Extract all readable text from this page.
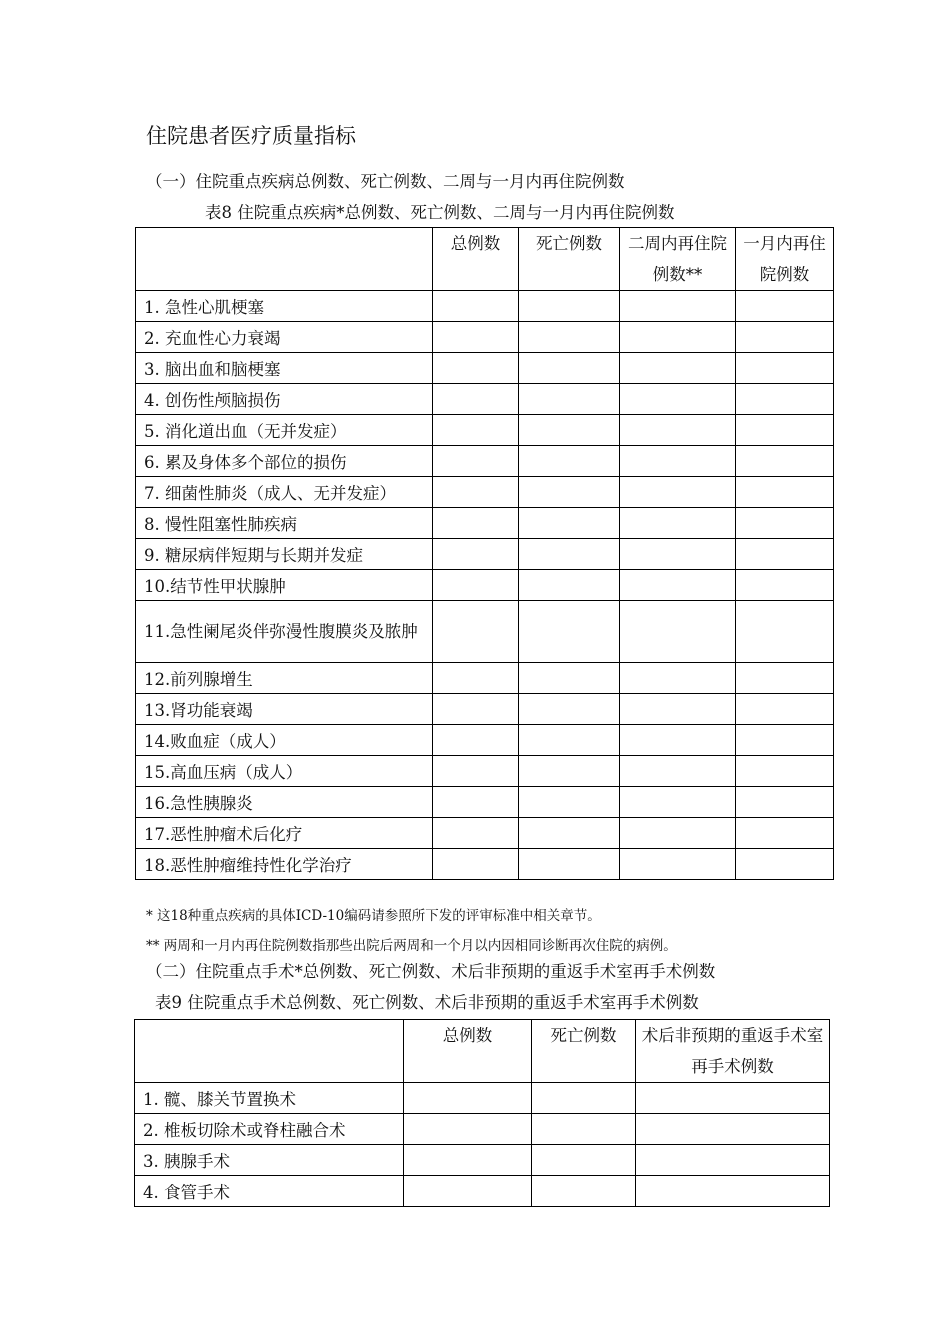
住院患者医疗质量指标
（一）住院重点疾病总例数、死亡例数、二周与一月内再住院例数
表8 住院重点疾病*总例数、死亡例数、二周与一月内再住院例数
	总例数	死亡例数	二周内再住院例数**	一月内再住院例数
1. 急性心肌梗塞				
2. 充血性心力衰竭				
3. 脑出血和脑梗塞				
4. 创伤性颅脑损伤				
5. 消化道出血（无并发症）				
6. 累及身体多个部位的损伤				
7. 细菌性肺炎（成人、无并发症）				
8. 慢性阻塞性肺疾病				
9. 糖尿病伴短期与长期并发症				
10.结节性甲状腺肿				

11.急性阑尾炎伴弥漫性腹膜炎及脓肿				

12.前列腺增生				
13.肾功能衰竭				
14.败血症（成人）				
15.高血压病（成人）				
16.急性胰腺炎				
17.恶性肿瘤术后化疗				
18.恶性肿瘤维持性化学治疗				
* 这18种重点疾病的具体ICD-10编码请参照所下发的评审标准中相关章节。
** 两周和一月内再住院例数指那些出院后两周和一个月以内因相同诊断再次住院的病例。
（二）住院重点手术*总例数、死亡例数、术后非预期的重返手术室再手术例数
表9 住院重点手术总例数、死亡例数、术后非预期的重返手术室再手术例数
	总例数	死亡例数	术后非预期的重返手术室再手术例数
1. 髋、膝关节置换术			
2. 椎板切除术或脊柱融合术			
3. 胰腺手术			
4. 食管手术			
